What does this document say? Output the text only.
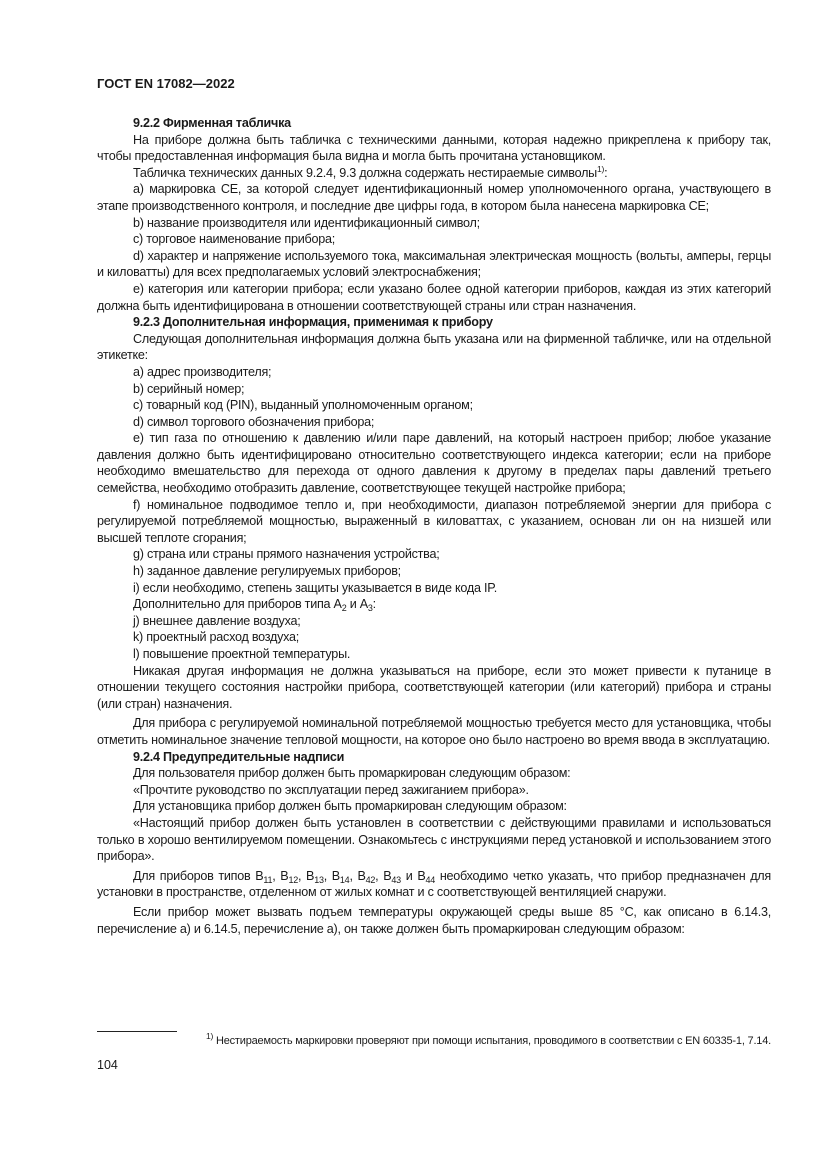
ГОСТ EN 17082—2022

9.2.2 Фирменная табличка

На приборе должна быть табличка с техническими данными, которая надежно прикреплена к прибору так, чтобы предоставленная информация была видна и могла быть прочитана установщиком.

Табличка технических данных 9.2.4, 9.3 должна содержать нестираемые символы$^{1)}$:

a) маркировка CE, за которой следует идентификационный номер уполномоченного органа, участвующего в этапе производственного контроля, и последние две цифры года, в котором была нанесена маркировка CE;

b) название производителя или идентификационный символ;

c) торговое наименование прибора;

d) характер и напряжение используемого тока, максимальная электрическая мощность (вольты, амперы, герцы и киловатты) для всех предполагаемых условий электроснабжения;

e) категория или категории прибора; если указано более одной категории приборов, каждая из этих категорий должна быть идентифицирована в отношении соответствующей страны или стран назначения.

9.2.3 Дополнительная информация, применимая к прибору

Следующая дополнительная информация должна быть указана или на фирменной табличке, или на отдельной этикетке:

a) адрес производителя;

b) серийный номер;

c) товарный код (PIN), выданный уполномоченным органом;

d) символ торгового обозначения прибора;

e) тип газа по отношению к давлению и/или паре давлений, на который настроен прибор; любое указание давления должно быть идентифицировано относительно соответствующего индекса категории; если на приборе необходимо вмешательство для перехода от одного давления к другому в пределах пары давлений третьего семейства, необходимо отобразить давление, соответствующее текущей настройке прибора;

f) номинальное подводимое тепло и, при необходимости, диапазон потребляемой энергии для прибора с регулируемой потребляемой мощностью, выраженный в киловаттах, с указанием, основан ли он на низшей или высшей теплоте сгорания;

g) страна или страны прямого назначения устройства;

h) заданное давление регулируемых приборов;

i) если необходимо, степень защиты указывается в виде кода IP.

Дополнительно для приборов типа $A_2$ и $A_3$:

j) внешнее давление воздуха;

k) проектный расход воздуха;

l) повышение проектной температуры.

Никакая другая информация не должна указываться на приборе, если это может привести к путанице в отношении текущего состояния настройки прибора, соответствующей категории (или категорий) прибора и страны (или стран) назначения.

Для прибора с регулируемой номинальной потребляемой мощностью требуется место для установщика, чтобы отметить номинальное значение тепловой мощности, на которое оно было настроено во время ввода в эксплуатацию.

9.2.4 Предупредительные надписи

Для пользователя прибор должен быть промаркирован следующим образом:

«Прочтите руководство по эксплуатации перед зажиганием прибора».

Для установщика прибор должен быть промаркирован следующим образом:

«Настоящий прибор должен быть установлен в соответствии с действующими правилами и использоваться только в хорошо вентилируемом помещении. Ознакомьтесь с инструкциями перед установкой и использованием этого прибора».

Для приборов типов $B_{11}$, $B_{12}$, $B_{13}$, $B_{14}$, $B_{42}$, $B_{43}$ и $B_{44}$ необходимо четко указать, что прибор предназначен для установки в пространстве, отделенном от жилых комнат и с соответствующей вентиляцией снаружи.

Если прибор может вызвать подъем температуры окружающей среды выше 85 °С, как описано в 6.14.3, перечисление a) и 6.14.5, перечисление a), он также должен быть промаркирован следующим образом:

$^{1)}$ Нестираемость маркировки проверяют при помощи испытания, проводимого в соответствии с EN 60335-1, 7.14.
104
